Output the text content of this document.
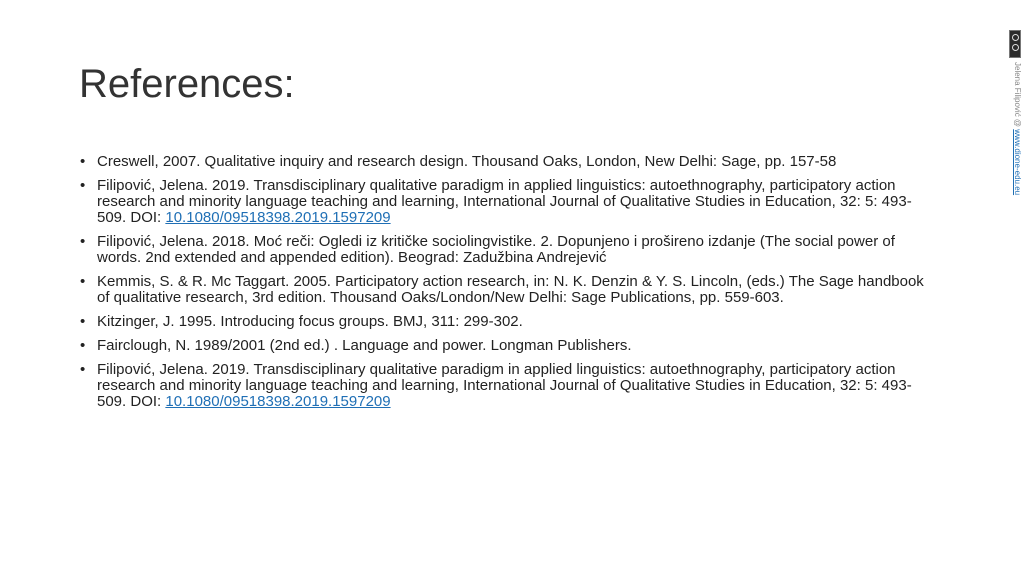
References:
• Creswell, 2007. Qualitative inquiry and research design. Thousand Oaks, London, New Delhi: Sage, pp. 157-58
• Filipović, Jelena. 2019. Transdisciplinary qualitative paradigm in applied linguistics: autoethnography, participatory action research and minority language teaching and learning, International Journal of Qualitative Studies in Education, 32: 5: 493-509. DOI: 10.1080/09518398.2019.1597209
• Filipović, Jelena. 2018. Moć reči: Ogledi iz kritičke sociolingvistike. 2. Dopunjeno i prošireno izdanje (The social power of words. 2nd extended and appended edition). Beograd: Zadužbina Andrejević
• Kemmis, S. & R. Mc Taggart. 2005. Participatory action research, in: N. K. Denzin & Y. S. Lincoln, (eds.) The Sage handbook of qualitative research, 3rd edition. Thousand Oaks/London/New Delhi: Sage Publications, pp. 559-603.
• Kitzinger, J. 1995. Introducing focus groups. BMJ, 311: 299-302.
• Fairclough, N. 1989/2001 (2nd ed.) . Language and power. Longman Publishers.
• Filipović, Jelena. 2019. Transdisciplinary qualitative paradigm in applied linguistics: autoethnography, participatory action research and minority language teaching and learning, International Journal of Qualitative Studies in Education, 32: 5: 493-509. DOI: 10.1080/09518398.2019.1597209
Jelena Filipović @ www.dione-edu.eu
